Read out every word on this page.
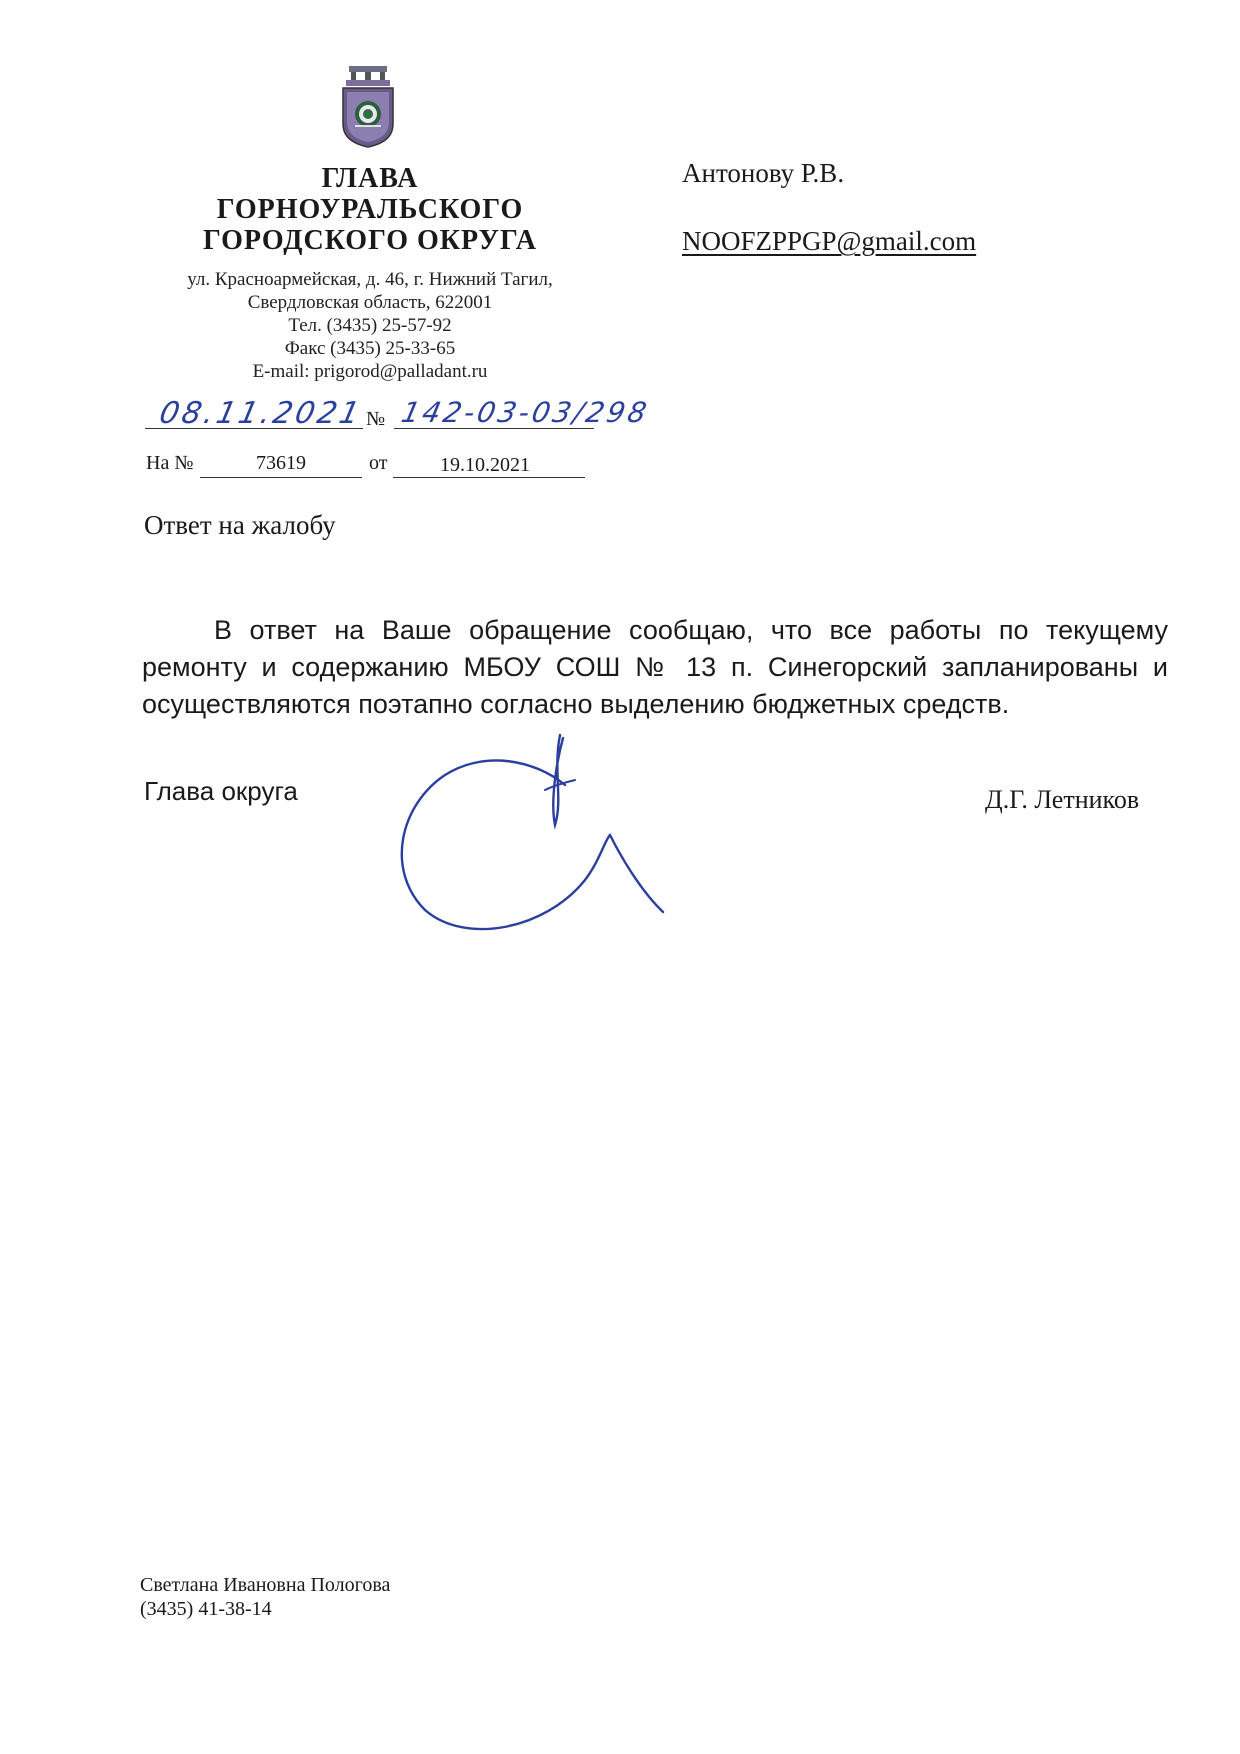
ГЛАВА
ГОРНОУРАЛЬСКОГО
ГОРОДСКОГО ОКРУГА
ул. Красноармейская, д. 46, г. Нижний Тагил,
Свердловская область, 622001
Тел. (3435) 25-57-92
Факс (3435) 25-33-65
E-mail: prigorod@palladant.ru
Антонову Р.В.
NOOFZPPGP@gmail.com
08.11.2021 № 142-03-03/298
На №	73619	от	19.10.2021
Ответ на жалобу

В ответ на Ваше обращение сообщаю, что все работы по текущему ремонту и содержанию МБОУ СОШ № 13 п. Синегорский запланированы и осуществляются поэтапно согласно выделению бюджетных средств.

Глава округа	Д.Г. Летников
Светлана Ивановна Пологова
(3435) 41-38-14
